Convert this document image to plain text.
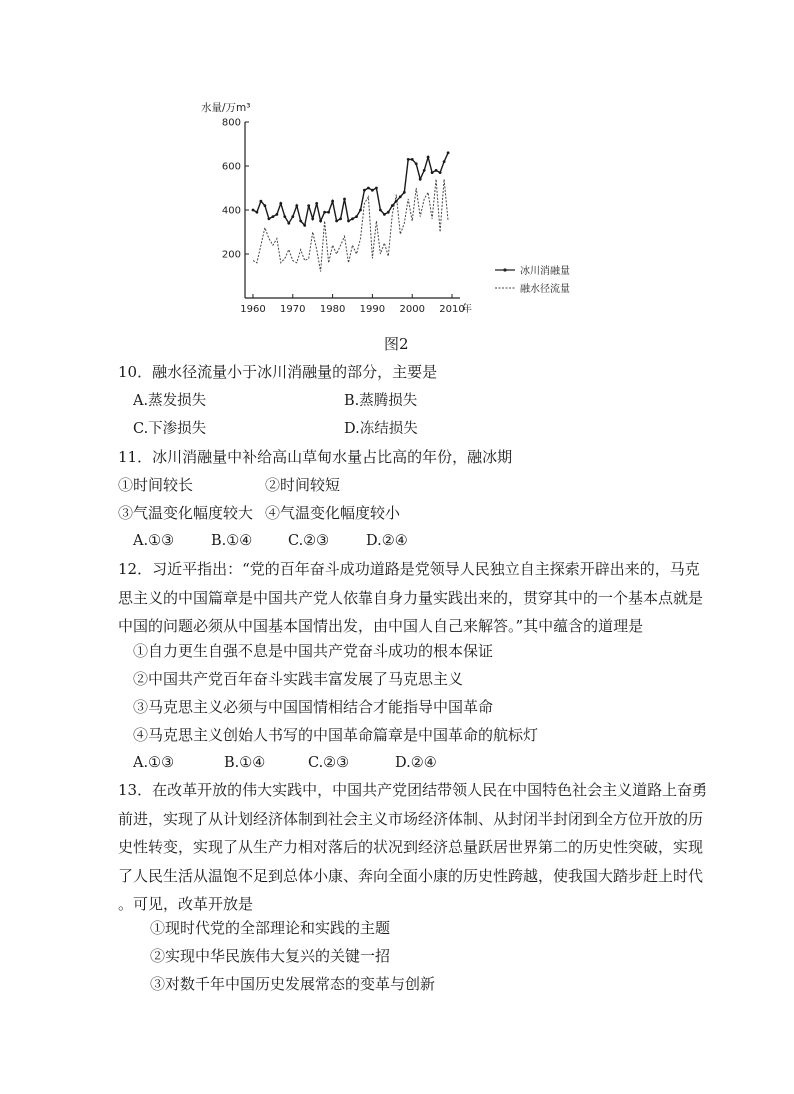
水量/万m³
200
400
600
800
1960 1970 1980 1990 2000 2010
年
冰川消融量
融水径流量
图2
10．融水径流量小于冰川消融量的部分，主要是
A.蒸发损失	B.蒸腾损失
C.下渗损失	D.冻结损失
11．冰川消融量中补给高山草甸水量占比高的年份，融冰期
①时间较长	②时间较短
③气温变化幅度较大 ④气温变化幅度较小
A.①③	B.①④ C.②③	D.②④
12．习近平指出：“党的百年奋斗成功道路是党领导人民独立自主探索开辟出来的，马克
思主义的中国篇章是中国共产党人依靠自身力量实践出来的，贯穿其中的一个基本点就是
中国的问题必须从中国基本国情出发，由中国人自己来解答。”其中蕴含的道理是
①自力更生自强不息是中国共产党奋斗成功的根本保证
②中国共产党百年奋斗实践丰富发展了马克思主义
③马克思主义必须与中国国情相结合才能指导中国革命
④马克思主义创始人书写的中国革命篇章是中国革命的航标灯
A.①③	B.①④	C.②③	D.②④
13．在改革开放的伟大实践中，中国共产党团结带领人民在中国特色社会主义道路上奋勇
前进，实现了从计划经济体制到社会主义市场经济体制、从封闭半封闭到全方位开放的历
史性转变，实现了从生产力相对落后的状况到经济总量跃居世界第二的历史性突破，实现
了人民生活从温饱不足到总体小康、奔向全面小康的历史性跨越，使我国大踏步赶上时代
。可见，改革开放是
①现时代党的全部理论和实践的主题
②实现中华民族伟大复兴的关键一招
③对数千年中国历史发展常态的变革与创新
